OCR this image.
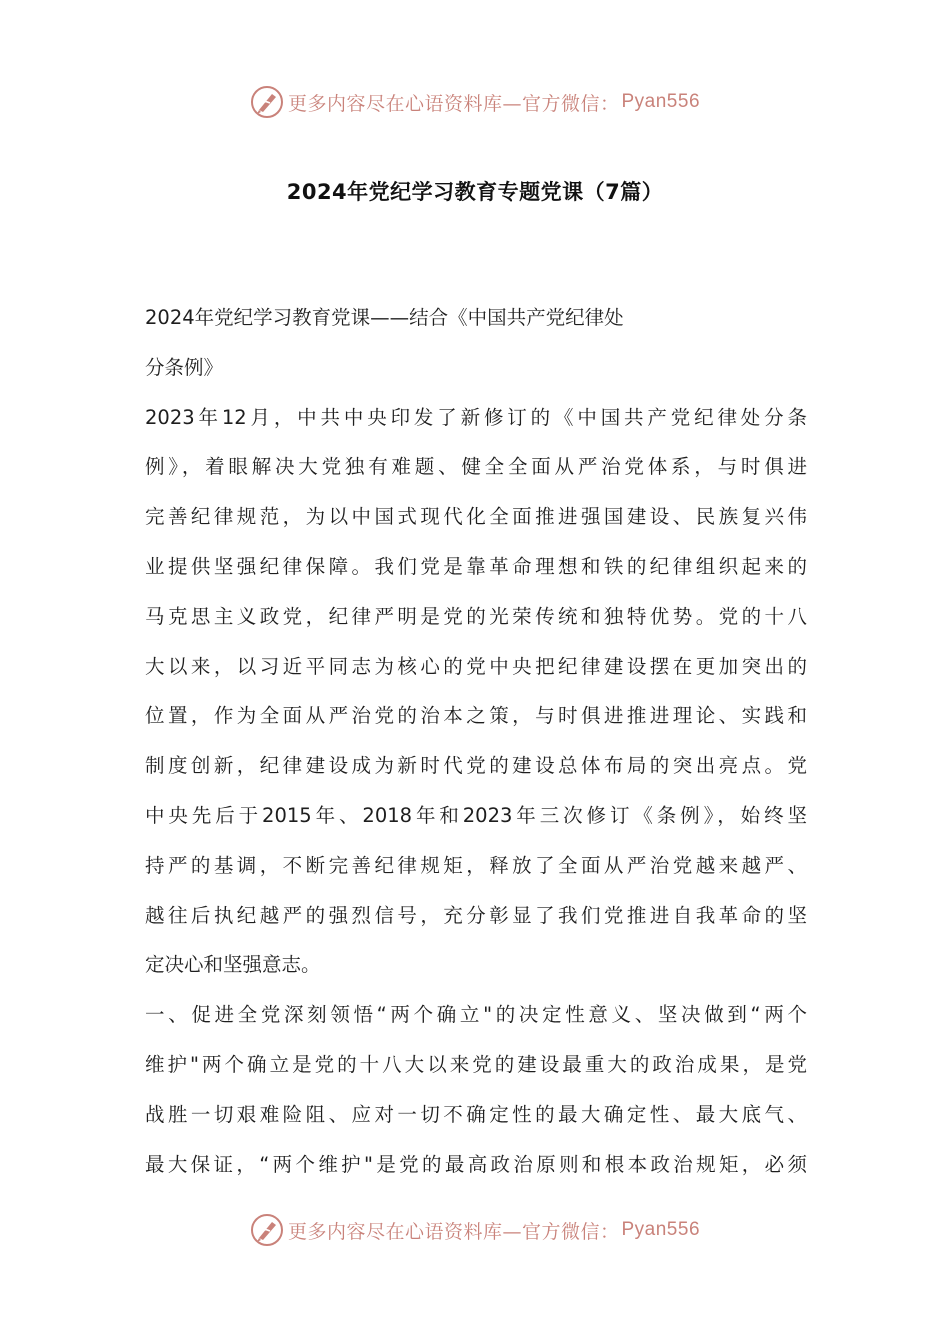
更多内容尽在心语资料库—官方微信： Pyan556
2024年党纪学习教育专题党课（7篇）
2024年党纪学习教育党课——结合《中国共产党纪律处
分条例》
2023年12月，中共中央印发了新修订的《中国共产党纪律处分条
例》，着眼解决大党独有难题、健全全面从严治党体系，与时俱进
完善纪律规范，为以中国式现代化全面推进强国建设、民族复兴伟
业提供坚强纪律保障。我们党是靠革命理想和铁的纪律组织起来的
马克思主义政党，纪律严明是党的光荣传统和独特优势。党的十八
大以来，以习近平同志为核心的党中央把纪律建设摆在更加突出的
位置，作为全面从严治党的治本之策，与时俱进推进理论、实践和
制度创新，纪律建设成为新时代党的建设总体布局的突出亮点。党
中央先后于2015年、2018年和2023年三次修订《条例》，始终坚
持严的基调，不断完善纪律规矩，释放了全面从严治党越来越严、
越往后执纪越严的强烈信号，充分彰显了我们党推进自我革命的坚
定决心和坚强意志。
一、促进全党深刻领悟“两个确立"的决定性意义、坚决做到“两个
维护"两个确立是党的十八大以来党的建设最重大的政治成果，是党
战胜一切艰难险阻、应对一切不确定性的最大确定性、最大底气、
最大保证，“两个维护"是党的最高政治原则和根本政治规矩，必须
更多内容尽在心语资料库—官方微信： Pyan556
